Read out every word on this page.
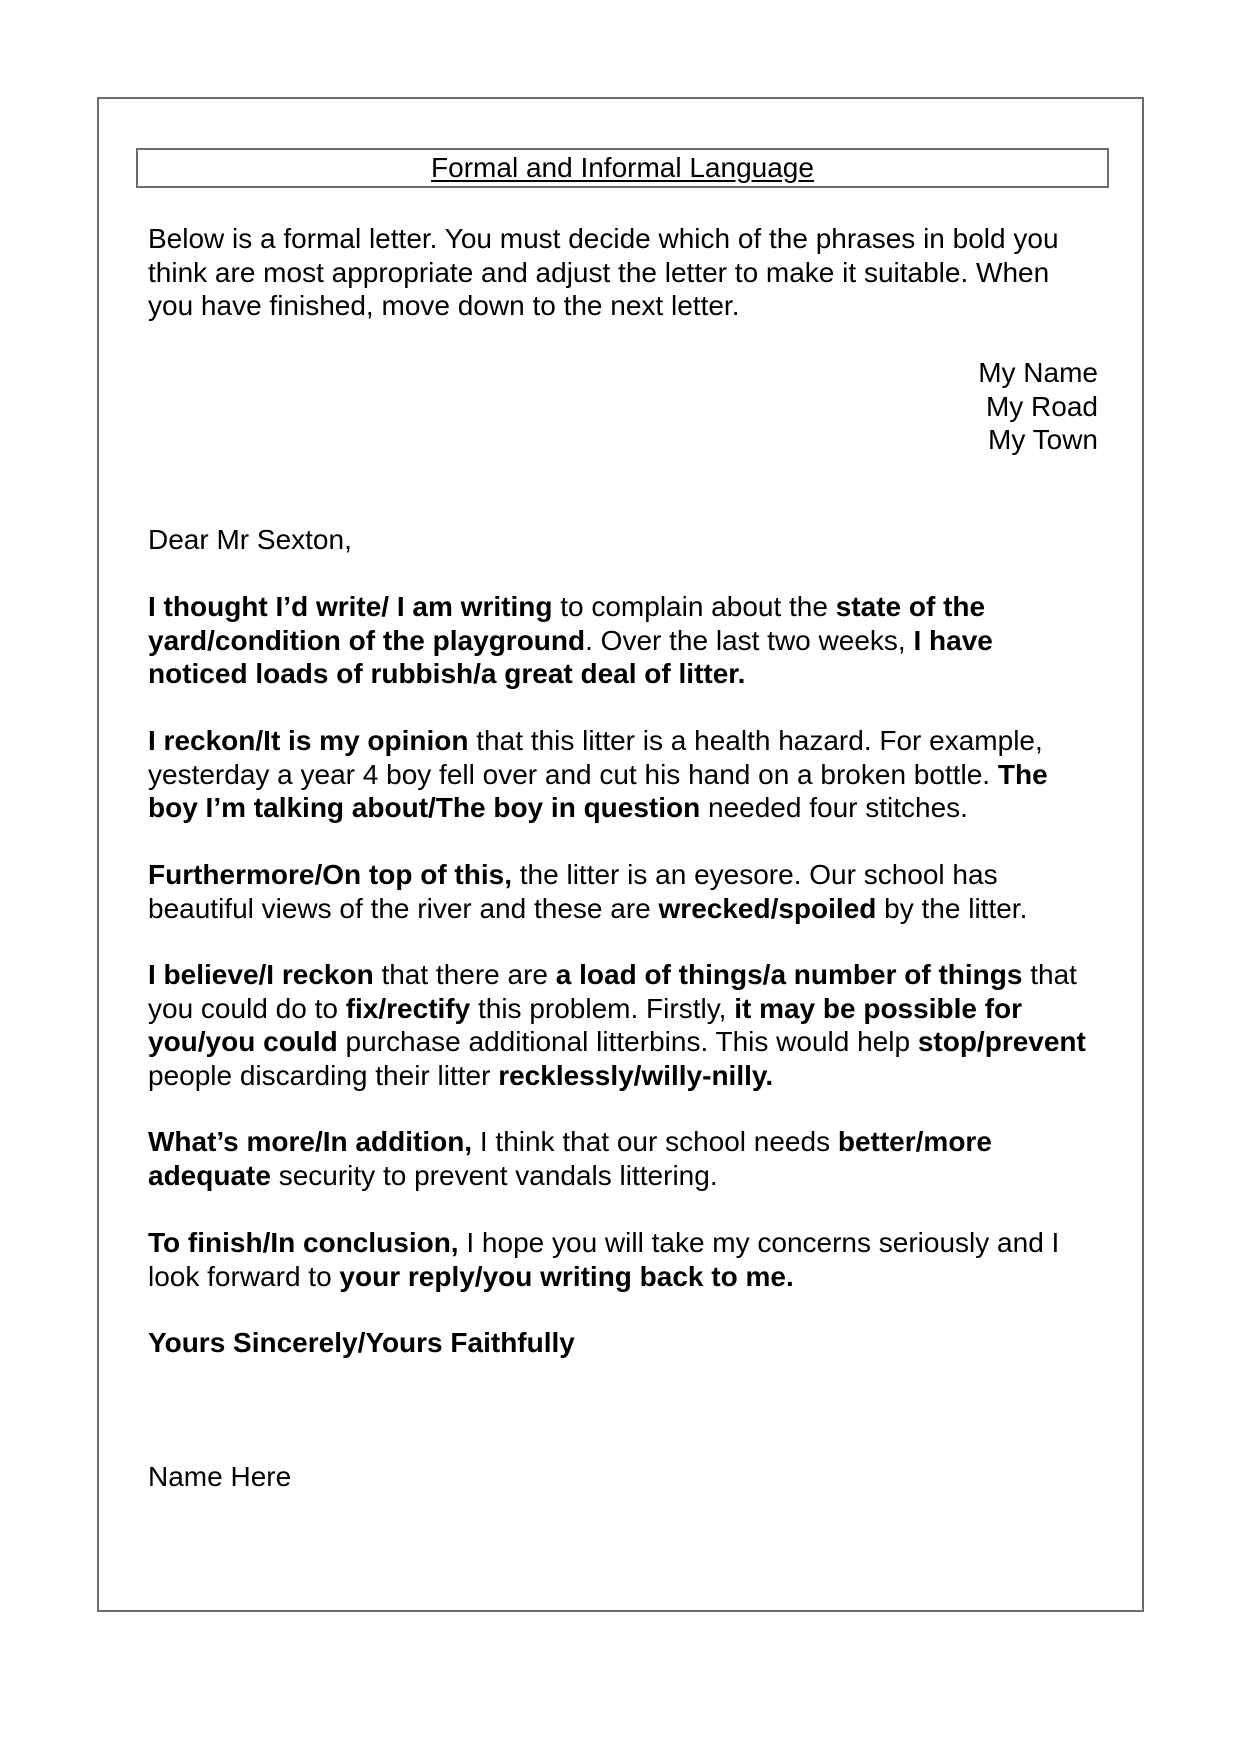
Formal and Informal Language

Below is a formal letter. You must decide which of the phrases in bold you think are most appropriate and adjust the letter to make it suitable. When you have finished, move down to the next letter.

My Name
My Road
My Town

Dear Mr Sexton,

I thought I’d write/ I am writing to complain about the state of the yard/condition of the playground. Over the last two weeks, I have noticed loads of rubbish/a great deal of litter.

I reckon/It is my opinion that this litter is a health hazard. For example, yesterday a year 4 boy fell over and cut his hand on a broken bottle. The boy I’m talking about/The boy in question needed four stitches.

Furthermore/On top of this, the litter is an eyesore. Our school has beautiful views of the river and these are wrecked/spoiled by the litter.

I believe/I reckon that there are a load of things/a number of things that you could do to fix/rectify this problem. Firstly, it may be possible for you/you could purchase additional litterbins. This would help stop/prevent people discarding their litter recklessly/willy-nilly.

What’s more/In addition, I think that our school needs better/more adequate security to prevent vandals littering.

To finish/In conclusion, I hope you will take my concerns seriously and I look forward to your reply/you writing back to me.

Yours Sincerely/Yours Faithfully

Name Here
